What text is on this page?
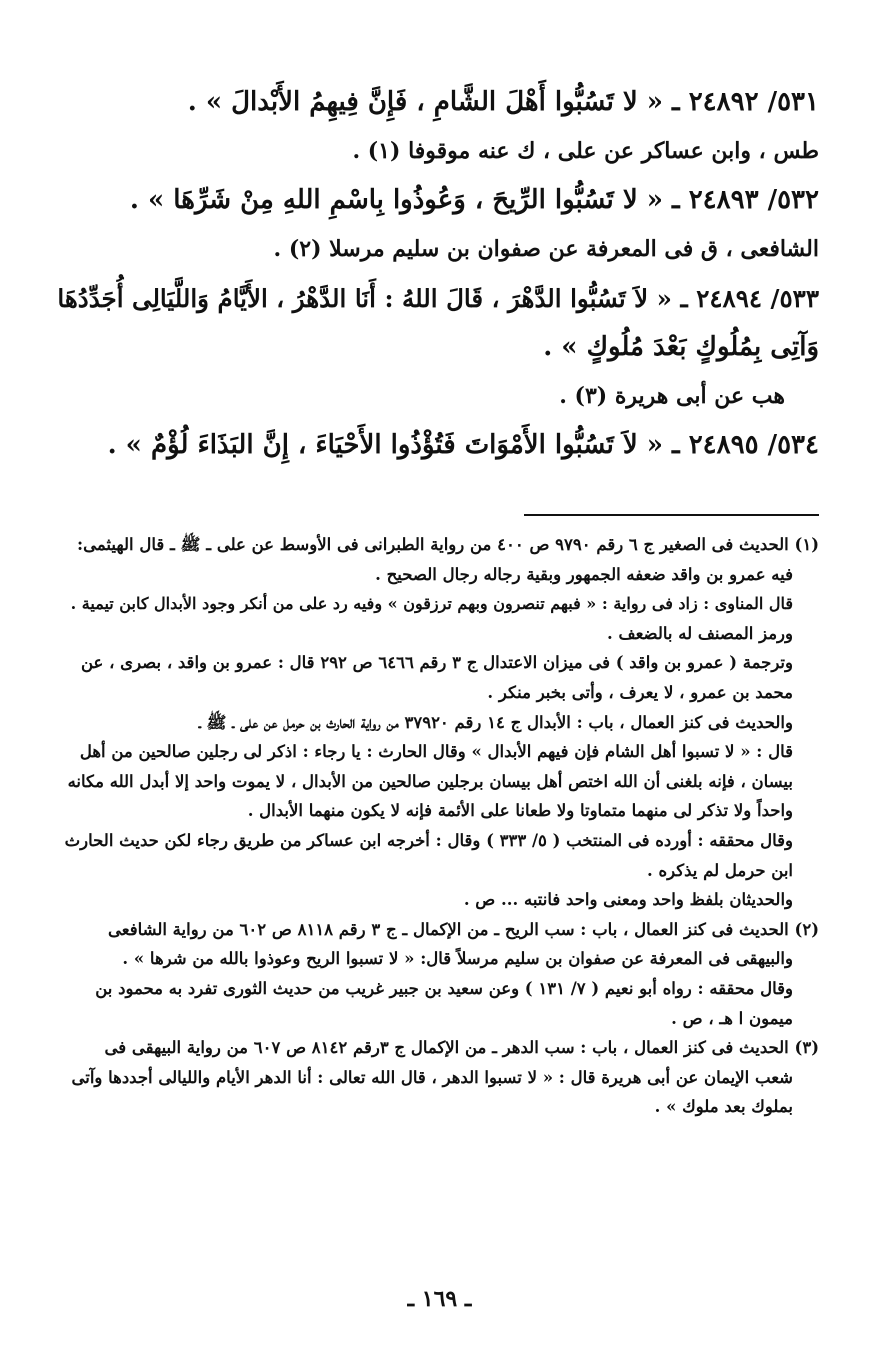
٥٣١/ ٢٤٨٩٢ ـ « لا تَسُبُّوا أَهْلَ الشَّامِ ، فَإِنَّ فِيهِمُ الأَبْدالَ » .

طس ، وابن عساكر عن على ، ك عنه موقوفا (١) .

٥٣٢/ ٢٤٨٩٣ ـ « لا تَسُبُّوا الرِّيحَ ، وَعُوذُوا بِاسْمِ اللهِ مِنْ شَرِّهَا » .

الشافعى ، ق فى المعرفة عن صفوان بن سليم مرسلا (٢) .

٥٣٣/ ٢٤٨٩٤ ـ « لاَ تَسُبُّوا الدَّهْرَ ، قَالَ اللهُ : أَنَا الدَّهْرُ ، الأَيَّامُ وَاللَّيَالِى أُجَدِّدُهَا

وَآتِى بِمُلُوكٍ بَعْدَ مُلُوكٍ » .

هب عن أبى هريرة (٣) .

٥٣٤/ ٢٤٨٩٥ ـ « لاَ تَسُبُّوا الأَمْوَاتَ فَتُؤْذُوا الأَحْيَاءَ ، إِنَّ البَذَاءَ لُؤْمٌ » .

(١) الحديث فى الصغير ج ٦ رقم ٩٧٩٠ ص ٤٠٠ من رواية الطبرانى فى الأوسط عن على ـ ﷺ ـ قال الهيثمى:

فيه عمرو بن واقد ضعفه الجمهور وبقية رجاله رجال الصحيح .

قال المناوى : زاد فى رواية : « فبهم تنصرون وبهم ترزقون » وفيه رد على من أنكر وجود الأبدال كابن تيمية .

ورمز المصنف له بالضعف .

وترجمة ( عمرو بن واقد ) فى ميزان الاعتدال ج ٣ رقم ٦٤٦٦ ص ٢٩٢ قال : عمرو بن واقد ، بصرى ، عن

محمد بن عمرو ، لا يعرف ، وأتى بخبر منكر .

والحديث فى كنز العمال ، باب : الأبدال ج ١٤ رقم ٣٧٩٢٠ من رواية الحارث بن حرمل عن على ـ ﷺ ـ

قال : « لا تسبوا أهل الشام فإن فيهم الأبدال » وقال الحارث : يا رجاء : اذكر لى رجلين صالحين من أهل

بيسان ، فإنه بلغنى أن الله اختص أهل بيسان برجلين صالحين من الأبدال ، لا يموت واحد إلا أبدل الله مكانه

واحداً ولا تذكر لى منهما متماوتا ولا طعانا على الأئمة فإنه لا يكون منهما الأبدال .

وقال محققه : أورده فى المنتخب ( ٥/ ٣٣٣ ) وقال : أخرجه ابن عساكر من طريق رجاء لكن حديث الحارث

ابن حرمل لم يذكره .

والحديثان بلفظ واحد ومعنى واحد فانتبه ... ص .

(٢) الحديث فى كنز العمال ، باب : سب الريح ـ من الإكمال ـ ج ٣ رقم ٨١١٨ ص ٦٠٢ من رواية الشافعى

والبيهقى فى المعرفة عن صفوان بن سليم مرسلاً قال: « لا تسبوا الريح وعوذوا بالله من شرها » .

وقال محققه : رواه أبو نعيم ( ٧/ ١٣١ ) وعن سعيد بن جبير غريب من حديث الثورى تفرد به محمود بن

ميمون ا هـ ، ص .

(٣) الحديث فى كنز العمال ، باب : سب الدهر ـ من الإكمال ج ٣رقم ٨١٤٢ ص ٦٠٧ من رواية البيهقى فى

شعب الإيمان عن أبى هريرة قال : « لا تسبوا الدهر ، قال الله تعالى : أنا الدهر الأيام والليالى أجددها وآتى

بملوك بعد ملوك » .

ـ ١٦٩ ـ
